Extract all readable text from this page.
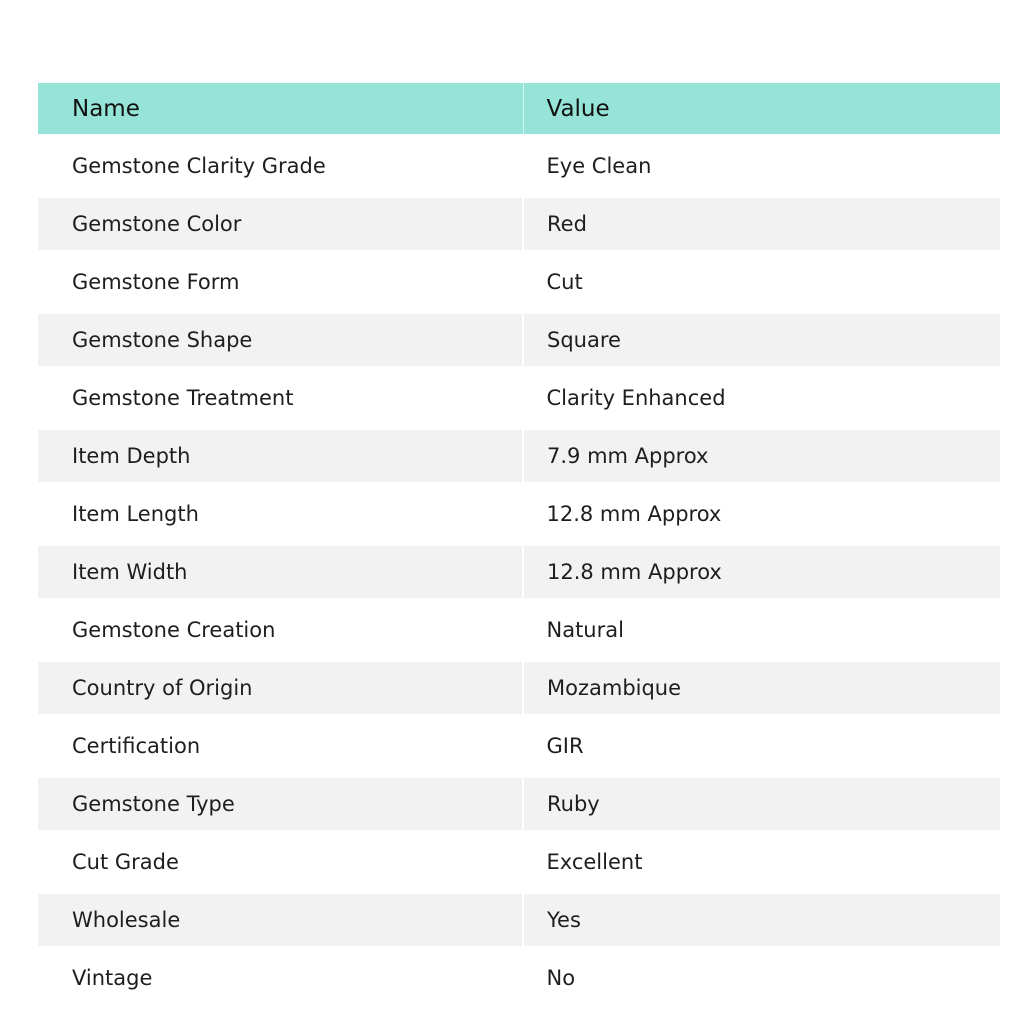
Name	Value
Gemstone Clarity Grade	Eye Clean
Gemstone Color	Red
Gemstone Form	Cut
Gemstone Shape	Square
Gemstone Treatment	Clarity Enhanced
Item Depth	7.9 mm Approx
Item Length	12.8 mm Approx
Item Width	12.8 mm Approx
Gemstone Creation	Natural
Country of Origin	Mozambique
Certification	GIR
Gemstone Type	Ruby
Cut Grade	Excellent
Wholesale	Yes
Vintage	No
